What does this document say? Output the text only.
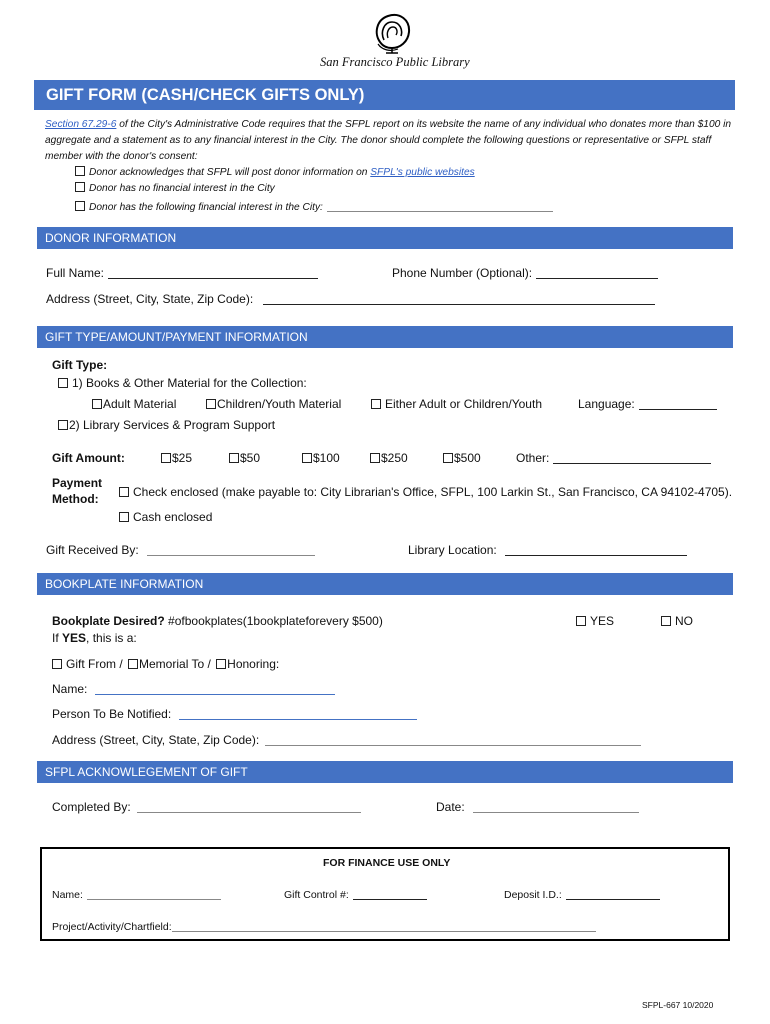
San Francisco Public Library
GIFT FORM (CASH/CHECK GIFTS ONLY)
Section 67.29-6 of the City's Administrative Code requires that the SFPL report on its website the name of any individual who donates more than $100 in aggregate and a statement as to any financial interest in the City. The donor should complete the following questions or representative or SFPL staff member with the donor's consent:
Donor acknowledges that SFPL will post donor information on SFPL's public websites
Donor has no financial interest in the City
Donor has the following financial interest in the City:
DONOR INFORMATION
Full Name:	Phone Number (Optional):
Address (Street, City, State, Zip Code):
GIFT TYPE/AMOUNT/PAYMENT INFORMATION
Gift Type:
1) Books & Other Material for the Collection:
Adult Material	Children/Youth Material	Either Adult or Children/Youth	Language:
2) Library Services & Program Support
Gift Amount:	$25	$50	$100	$250	$500	Other:
Payment
Method:	Check enclosed (make payable to: City Librarian's Office, SFPL, 100 Larkin St., San Francisco, CA 94102-4705).
Cash enclosed
Gift Received By:	Library Location:
BOOKPLATE INFORMATION
Bookplate Desired? #ofbookplates(1bookplateforevery $500)	YES	NO
If YES, this is a:
Gift From / Memorial To / Honoring:
Name:
Person To Be Notified:
Address (Street, City, State, Zip Code):
SFPL ACKNOWLEGEMENT OF GIFT
Completed By:	Date:
FOR FINANCE USE ONLY
Name:	Gift Control #:	Deposit I.D.:
Project/Activity/Chartfield:
SFPL-667 10/2020
